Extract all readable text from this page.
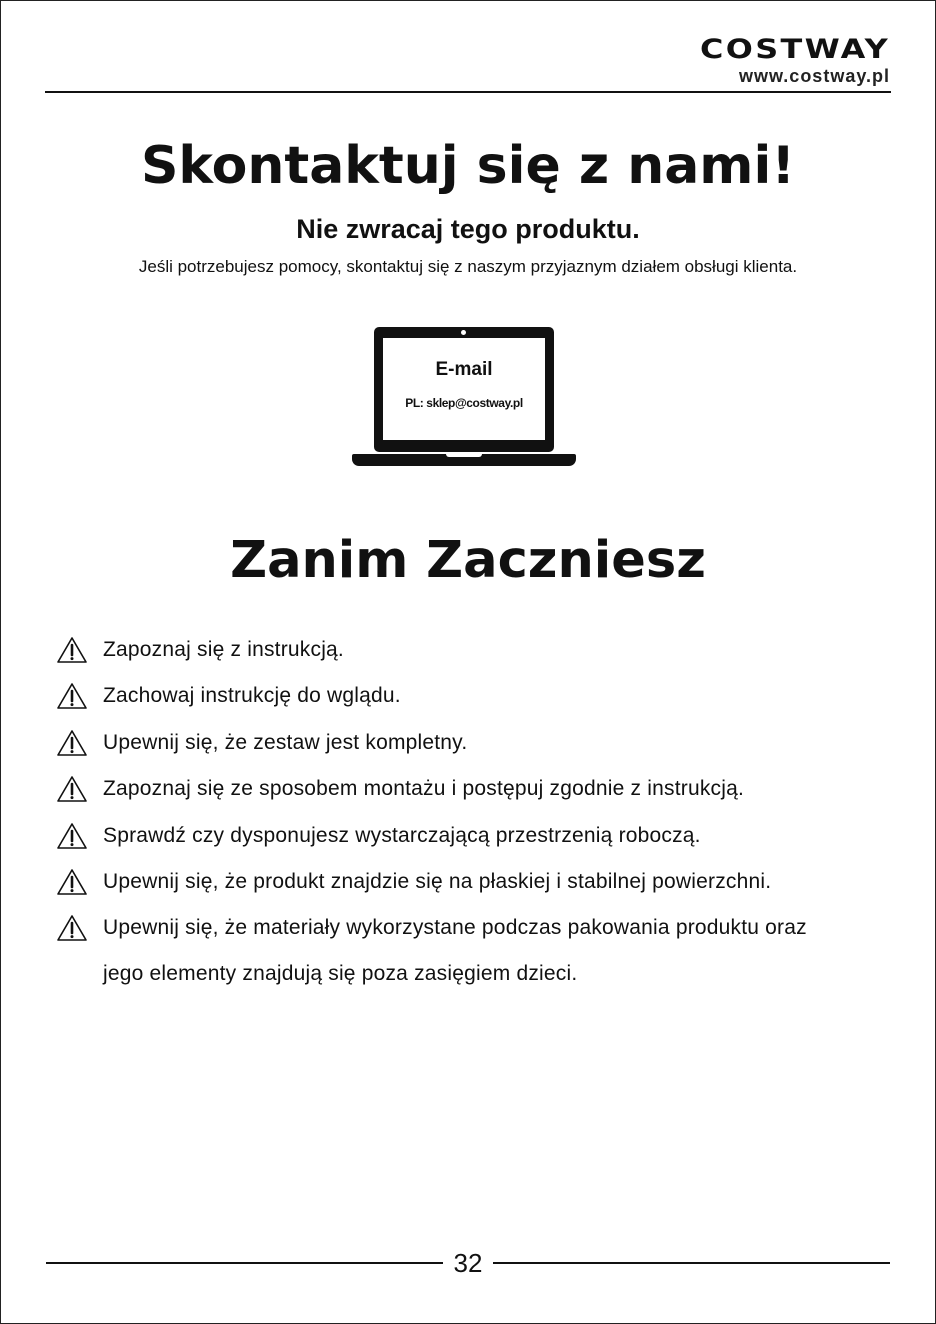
COSTWAY
www.costway.pl
Skontaktuj się z nami!
Nie zwracaj tego produktu.
Jeśli potrzebujesz pomocy, skontaktuj się z naszym przyjaznym działem obsługi klienta.
E-mail
PL: sklep@costway.pl
Zanim Zaczniesz
Zapoznaj się z instrukcją.
Zachowaj instrukcję do wglądu.
Upewnij się, że zestaw jest kompletny.
Zapoznaj się ze sposobem montażu i postępuj zgodnie z instrukcją.
Sprawdź czy dysponujesz wystarczającą przestrzenią roboczą.
Upewnij się, że produkt znajdzie się na płaskiej i stabilnej powierzchni.
Upewnij się, że materiały wykorzystane podczas pakowania produktu oraz
jego elementy znajdują się poza zasięgiem dzieci.
32
